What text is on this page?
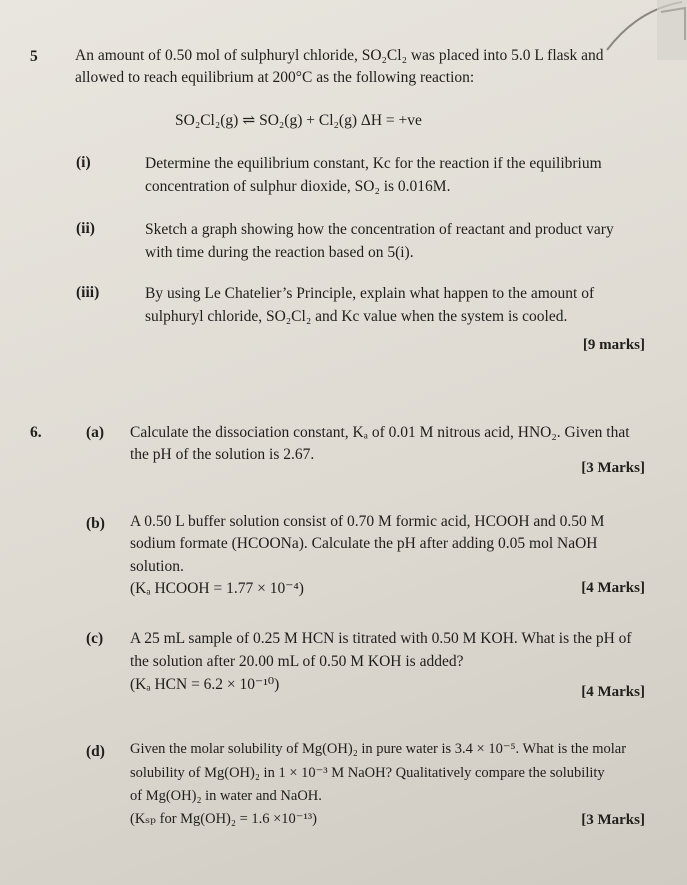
5 An amount of 0.50 mol of sulphuryl chloride, SO₂Cl₂ was placed into 5.0 L flask and
allowed to reach equilibrium at 200°C as the following reaction:
SO₂Cl₂(g) ⇌ SO₂(g) + Cl₂(g) ΔH = +ve
(i)	Determine the equilibrium constant, Kc for the reaction if the equilibrium
concentration of sulphur dioxide, SO₂ is 0.016M.
(ii)	Sketch a graph showing how the concentration of reactant and product vary
with time during the reaction based on 5(i).
(iii)	By using Le Chatelier’s Principle, explain what happen to the amount of
sulphuryl chloride, SO₂Cl₂ and Kc value when the system is cooled.
[9 marks]
6.	(a) Calculate the dissociation constant, Kₐ of 0.01 M nitrous acid, HNO₂. Given that
the pH of the solution is 2.67.
[3 Marks]
(b) A 0.50 L buffer solution consist of 0.70 M formic acid, HCOOH and 0.50 M
sodium formate (HCOONa). Calculate the pH after adding 0.05 mol NaOH
solution.
(Kₐ HCOOH = 1.77 × 10⁻⁴)	[4 Marks]
(c) A 25 mL sample of 0.25 M HCN is titrated with 0.50 M KOH. What is the pH of
the solution after 20.00 mL of 0.50 M KOH is added?
(Kₐ HCN = 6.2 × 10⁻¹⁰)	[4 Marks]
(d) Given the molar solubility of Mg(OH)₂ in pure water is 3.4 × 10⁻⁵. What is the molar
solubility of Mg(OH)₂ in 1 × 10⁻³ M NaOH? Qualitatively compare the solubility
of Mg(OH)₂ in water and NaOH.
(Kₛₚ for Mg(OH)₂ = 1.6 ×10⁻¹³)	[3 Marks]
